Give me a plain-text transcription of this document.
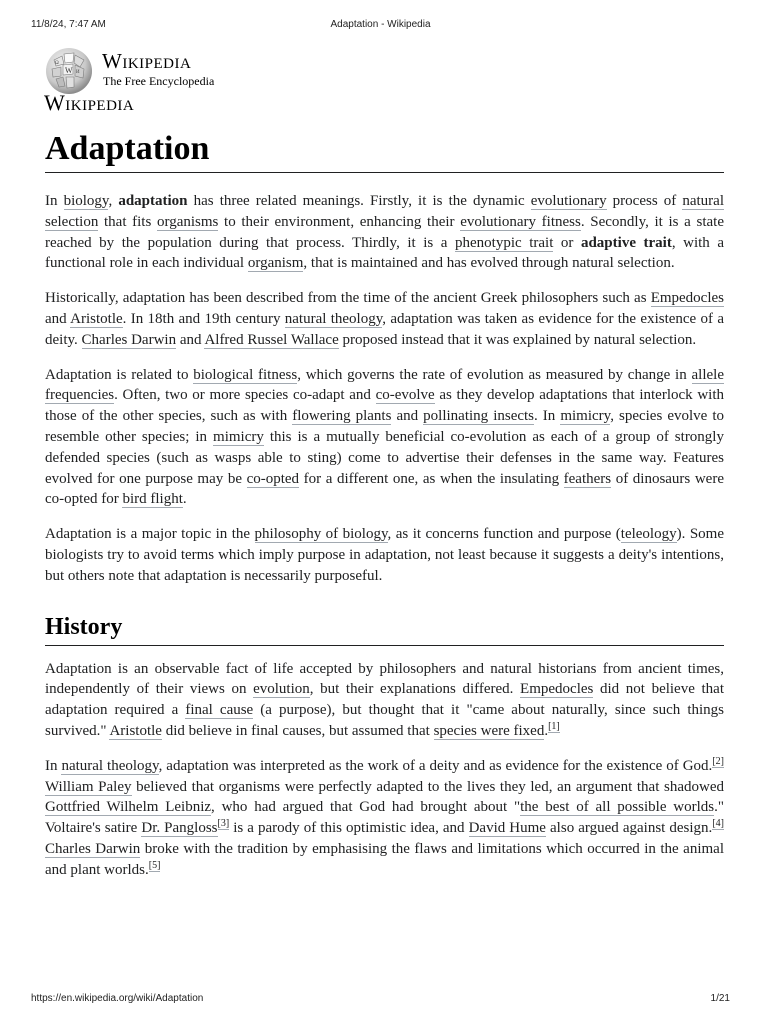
11/8/24, 7:47 AM	Adaptation - Wikipedia
W
Ω
И Wikipedia
The Free Encyclopedia
Wikipedia
Adaptation

In biology, adaptation has three related meanings. Firstly, it is the dynamic evolutionary process of natural selection that fits organisms to their environment, enhancing their evolutionary fitness. Secondly, it is a state reached by the population during that process. Thirdly, it is a phenotypic trait or adaptive trait, with a functional role in each individual organism, that is maintained and has evolved through natural selection.

Historically, adaptation has been described from the time of the ancient Greek philosophers such as Empedocles and Aristotle. In 18th and 19th century natural theology, adaptation was taken as evidence for the existence of a deity. Charles Darwin and Alfred Russel Wallace proposed instead that it was explained by natural selection.

Adaptation is related to biological fitness, which governs the rate of evolution as measured by change in allele frequencies. Often, two or more species co-adapt and co-evolve as they develop adaptations that interlock with those of the other species, such as with flowering plants and pollinating insects. In mimicry, species evolve to resemble other species; in mimicry this is a mutually beneficial co-evolution as each of a group of strongly defended species (such as wasps able to sting) come to advertise their defenses in the same way. Features evolved for one purpose may be co-opted for a different one, as when the insulating feathers of dinosaurs were co-opted for bird flight.

Adaptation is a major topic in the philosophy of biology, as it concerns function and purpose (teleology). Some biologists try to avoid terms which imply purpose in adaptation, not least because it suggests a deity's intentions, but others note that adaptation is necessarily purposeful.

History

Adaptation is an observable fact of life accepted by philosophers and natural historians from ancient times, independently of their views on evolution, but their explanations differed. Empedocles did not believe that adaptation required a final cause (a purpose), but thought that it "came about naturally, since such things survived." Aristotle did believe in final causes, but assumed that species were fixed.[1]

In natural theology, adaptation was interpreted as the work of a deity and as evidence for the existence of God.[2] William Paley believed that organisms were perfectly adapted to the lives they led, an argument that shadowed Gottfried Wilhelm Leibniz, who had argued that God had brought about "the best of all possible worlds." Voltaire's satire Dr. Pangloss[3] is a parody of this optimistic idea, and David Hume also argued against design.[4] Charles Darwin broke with the tradition by emphasising the flaws and limitations which occurred in the animal and plant worlds.[5]

https://en.wikipedia.org/wiki/Adaptation	1/21
